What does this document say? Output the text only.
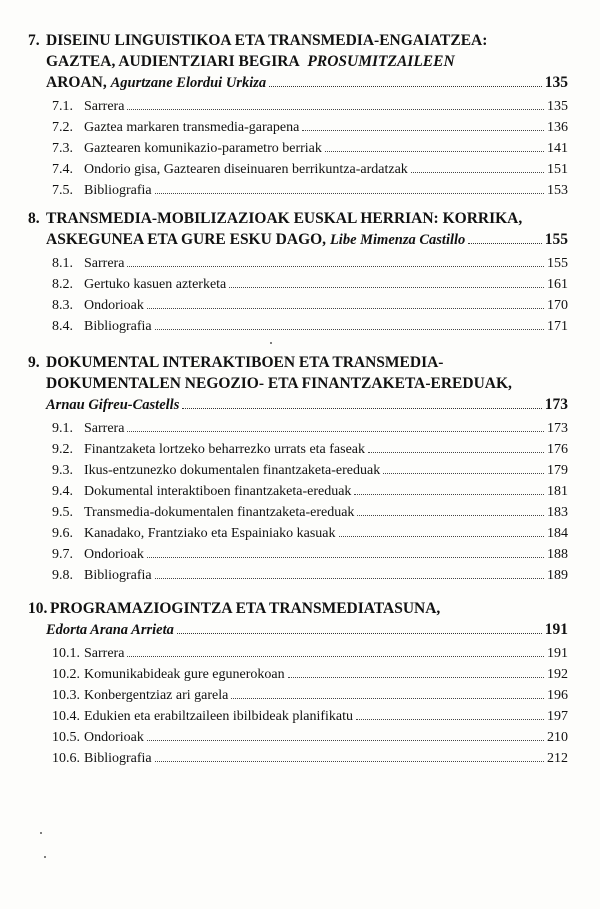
7. DISEINU LINGUISTIKOA ETA TRANSMEDIA-ENGAIATZEA:
GAZTEA, AUDIENTZIARI BEGIRA
PROSUMITZAILEEN
AROAN,
Agurtzane Elordui Urkiza	135
7.1. Sarrera	135
7.2. Gaztea markaren transmedia-garapena	136
7.3. Gaztearen komunikazio-parametro berriak	141
7.4. Ondorio gisa, Gaztearen diseinuaren berrikuntza-ardatzak	151
7.5. Bibliografia	153
8. TRANSMEDIA-MOBILIZAZIOAK EUSKAL HERRIAN: KORRIKA,
ASKEGUNEA ETA GURE ESKU DAGO,
Libe Mimenza Castillo	155
8.1. Sarrera	155
8.2. Gertuko kasuen azterketa	161
8.3. Ondorioak	170
8.4. Bibliografia	171
9. DOKUMENTAL INTERAKTIBOEN ETA TRANSMEDIA-
DOKUMENTALEN NEGOZIO- ETA FINANTZAKETA-EREDUAK,
Arnau Gifreu-Castells	173
9.1. Sarrera	173
9.2. Finantzaketa lortzeko beharrezko urrats eta faseak	176
9.3. Ikus-entzunezko dokumentalen finantzaketa-ereduak	179
9.4. Dokumental interaktiboen finantzaketa-ereduak	181
9.5. Transmedia-dokumentalen finantzaketa-ereduak	183
9.6. Kanadako, Frantziako eta Espainiako kasuak	184
9.7. Ondorioak	188
9.8. Bibliografia	189
10. PROGRAMAZIOGINTZA ETA TRANSMEDIATASUNA,
Edorta Arana Arrieta	191
10.1. Sarrera	191
10.2. Komunikabideak gure egunerokoan	192
10.3. Konbergentziaz ari garela	196
10.4. Edukien eta erabiltzaileen ibilbideak planifikatu	197
10.5. Ondorioak	210
10.6. Bibliografia	212
